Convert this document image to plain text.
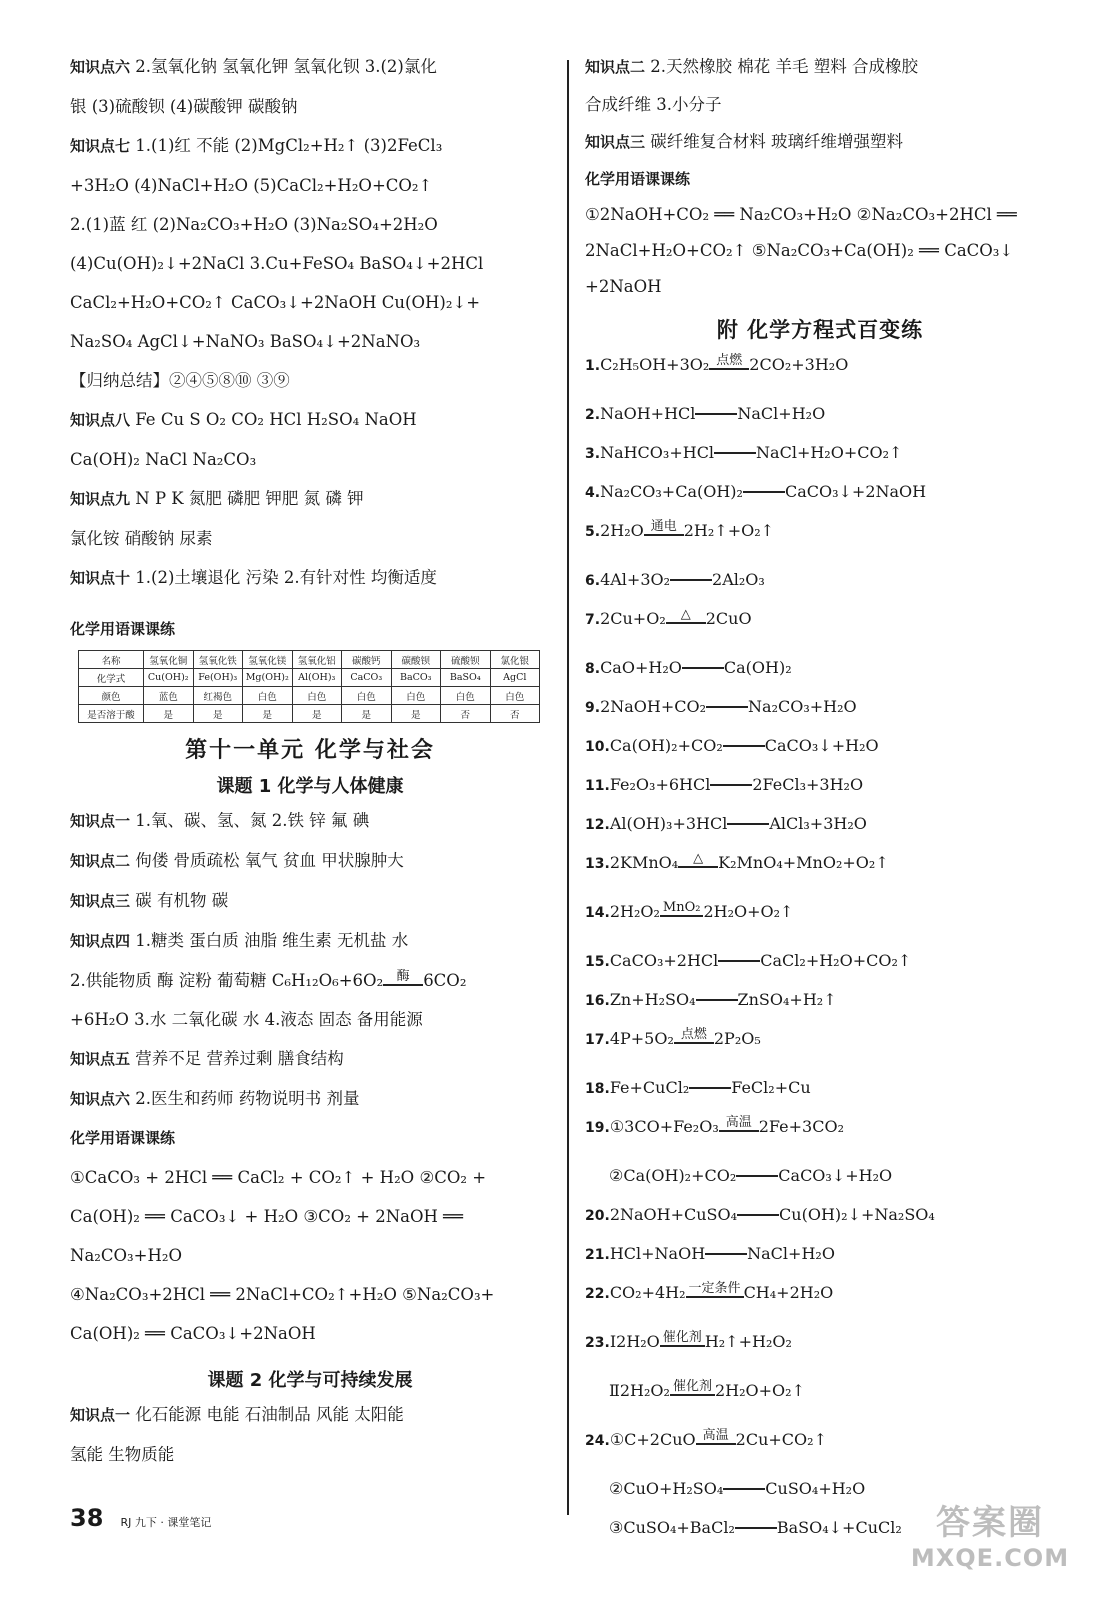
知识点六 2.氢氧化钠 氢氧化钾 氢氧化钡 3.(2)氯化

银 (3)硫酸钡 (4)碳酸钾 碳酸钠

知识点七 1.(1)红 不能 (2)MgCl₂+H₂↑ (3)2FeCl₃

+3H₂O (4)NaCl+H₂O (5)CaCl₂+H₂O+CO₂↑

2.(1)蓝 红 (2)Na₂CO₃+H₂O (3)Na₂SO₄+2H₂O

(4)Cu(OH)₂↓+2NaCl 3.Cu+FeSO₄ BaSO₄↓+2HCl

CaCl₂+H₂O+CO₂↑ CaCO₃↓+2NaOH Cu(OH)₂↓+

Na₂SO₄ AgCl↓+NaNO₃ BaSO₄↓+2NaNO₃

【归纳总结】②④⑤⑧⑩ ③⑨

知识点八 Fe Cu S O₂ CO₂ HCl H₂SO₄ NaOH

Ca(OH)₂ NaCl Na₂CO₃

知识点九 N P K 氮肥 磷肥 钾肥 氮 磷 钾

氯化铵 硝酸钠 尿素

知识点十 1.(2)土壤退化 污染 2.有针对性 均衡适度

化学用语课课练

名称	氢氧化铜	氢氧化铁	氢氧化镁	氢氧化铝	碳酸钙	碳酸钡	硫酸钡	氯化银
化学式	Cu(OH)₂	Fe(OH)₃	Mg(OH)₂	Al(OH)₃	CaCO₃	BaCO₃	BaSO₄	AgCl
颜色	蓝色	红褐色	白色	白色	白色	白色	白色	白色
是否溶于酸	是	是	是	是	是	是	否	否
第十一单元 化学与社会
课题 1 化学与人体健康

知识点一 1.氧、碳、氢、氮 2.铁 锌 氟 碘

知识点二 佝偻 骨质疏松 氧气 贫血 甲状腺肿大

知识点三 碳 有机物 碳

知识点四 1.糖类 蛋白质 油脂 维生素 无机盐 水

2.供能物质 酶 淀粉 葡萄糖 C₆H₁₂O₆+6O₂ 酶 6CO₂

+6H₂O 3.水 二氧化碳 水 4.液态 固态 备用能源

知识点五 营养不足 营养过剩 膳食结构

知识点六 2.医生和药师 药物说明书 剂量

化学用语课课练

①CaCO₃ + 2HCl ══ CaCl₂ + CO₂↑ + H₂O ②CO₂ +

Ca(OH)₂ ══ CaCO₃↓ + H₂O ③CO₂ + 2NaOH ══

Na₂CO₃+H₂O

④Na₂CO₃+2HCl ══ 2NaCl+CO₂↑+H₂O ⑤Na₂CO₃+

Ca(OH)₂ ══ CaCO₃↓+2NaOH

课题 2 化学与可持续发展

知识点一 化石能源 电能 石油制品 风能 太阳能

氢能 生物质能

知识点二 2.天然橡胶 棉花 羊毛 塑料 合成橡胶

合成纤维 3.小分子

知识点三 碳纤维复合材料 玻璃纤维增强塑料

化学用语课课练

①2NaOH+CO₂ ══ Na₂CO₃+H₂O ②Na₂CO₃+2HCl ══

2NaCl+H₂O+CO₂↑ ⑤Na₂CO₃+Ca(OH)₂ ══ CaCO₃↓

+2NaOH

附 化学方程式百变练

1.C₂H₅OH+3O₂ 点燃 2CO₂+3H₂O

2.NaOH+HCl	NaCl+H₂O

3.NaHCO₃+HCl	NaCl+H₂O+CO₂↑

4.Na₂CO₃+Ca(OH)₂	CaCO₃↓+2NaOH

5.2H₂O 通电 2H₂↑+O₂↑

6.4Al+3O₂	2Al₂O₃

7.2Cu+O₂ △ 2CuO

8.CaO+H₂O	Ca(OH)₂

9.2NaOH+CO₂	Na₂CO₃+H₂O

10.Ca(OH)₂+CO₂	CaCO₃↓+H₂O

11.Fe₂O₃+6HCl	2FeCl₃+3H₂O

12.Al(OH)₃+3HCl	AlCl₃+3H₂O

13.2KMnO₄ △ K₂MnO₄+MnO₂+O₂↑

14.2H₂O₂ MnO₂ 2H₂O+O₂↑

15.CaCO₃+2HCl	CaCl₂+H₂O+CO₂↑

16.Zn+H₂SO₄	ZnSO₄+H₂↑

17.4P+5O₂ 点燃 2P₂O₅

18.Fe+CuCl₂	FeCl₂+Cu

19.①3CO+Fe₂O₃ 高温 2Fe+3CO₂

②Ca(OH)₂+CO₂	CaCO₃↓+H₂O

20.2NaOH+CuSO₄	Cu(OH)₂↓+Na₂SO₄

21.HCl+NaOH	NaCl+H₂O

22.CO₂+4H₂ 一定条件 CH₄+2H₂O

23.Ⅰ2H₂O 催化剂 H₂↑+H₂O₂

Ⅱ2H₂O₂ 催化剂 2H₂O+O₂↑

24.①C+2CuO 高温 2Cu+CO₂↑

②CuO+H₂SO₄	CuSO₄+H₂O

③CuSO₄+BaCl₂	BaSO₄↓+CuCl₂

38 RJ 九下 · 课堂笔记	答案圈
MXQE.COM
